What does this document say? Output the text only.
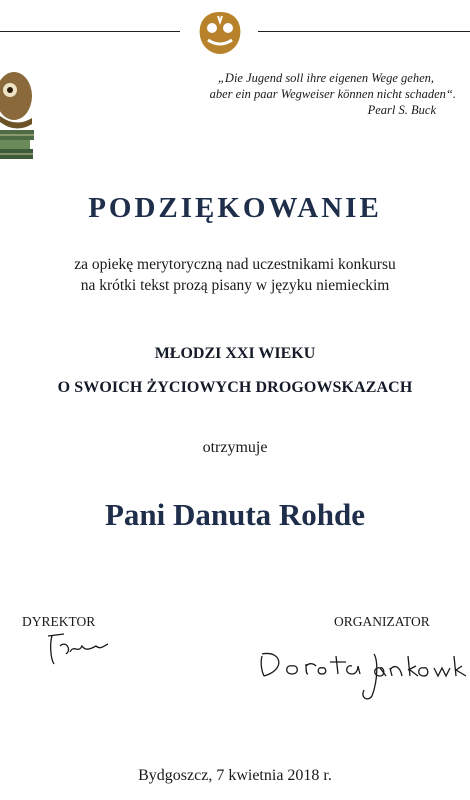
„Die Jugend soll ihre eigenen Wege gehen,
aber ein paar Wegweiser können nicht schaden“.
Pearl S. Buck
PODZIĘKOWANIE
za opiekę merytoryczną nad uczestnikami konkursu
na krótki tekst prozą pisany w języku niemieckim
MŁODZI XXI WIEKU
O SWOICH ŻYCIOWYCH DROGOWSKAZACH
otrzymuje
Pani Danuta Rohde
DYREKTOR	ORGANIZATOR
Bydgoszcz, 7 kwietnia 2018 r.
